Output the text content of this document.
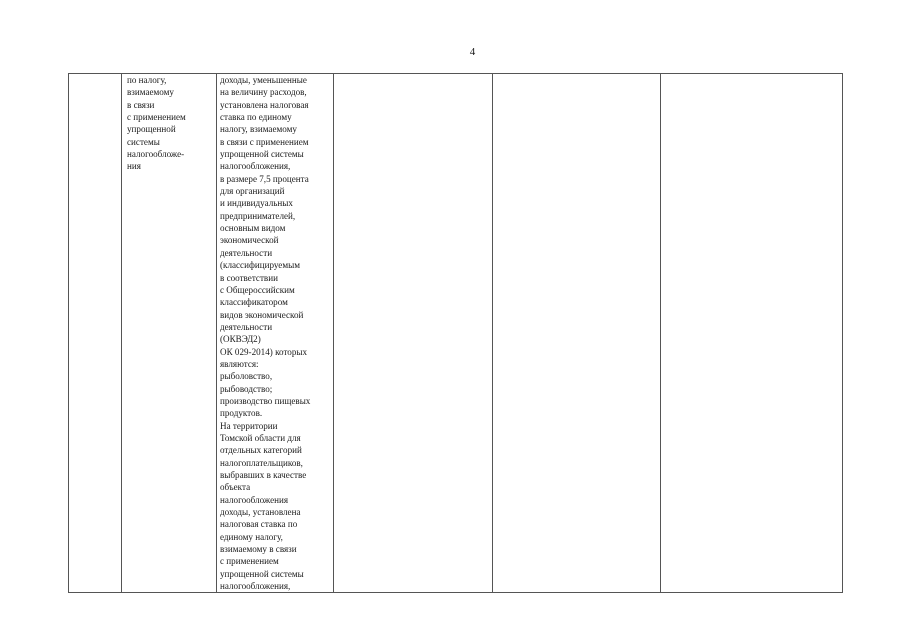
4
	по налогу,
взимаемому
в связи
с применением
упрощенной
системы
налогообложе-
ния	доходы, уменьшенные
на величину расходов,
установлена налоговая
ставка по единому
налогу, взимаемому
в связи с применением
упрощенной системы
налогообложения,
в размере 7,5 процента
для организаций
и индивидуальных
предпринимателей,
основным видом
экономической
деятельности
(классифицируемым
в соответствии
с Общероссийским
классификатором
видов экономической
деятельности
(ОКВЭД2)
ОК 029-2014) которых
являются:
рыболовство,
рыбоводство;
производство пищевых
продуктов.
На территории
Томской области для
отдельных категорий
налогоплательщиков,
выбравших в качестве
объекта
налогообложения
доходы, установлена
налоговая ставка по
единому налогу,
взимаемому в связи
с применением
упрощенной системы
налогообложения,			
